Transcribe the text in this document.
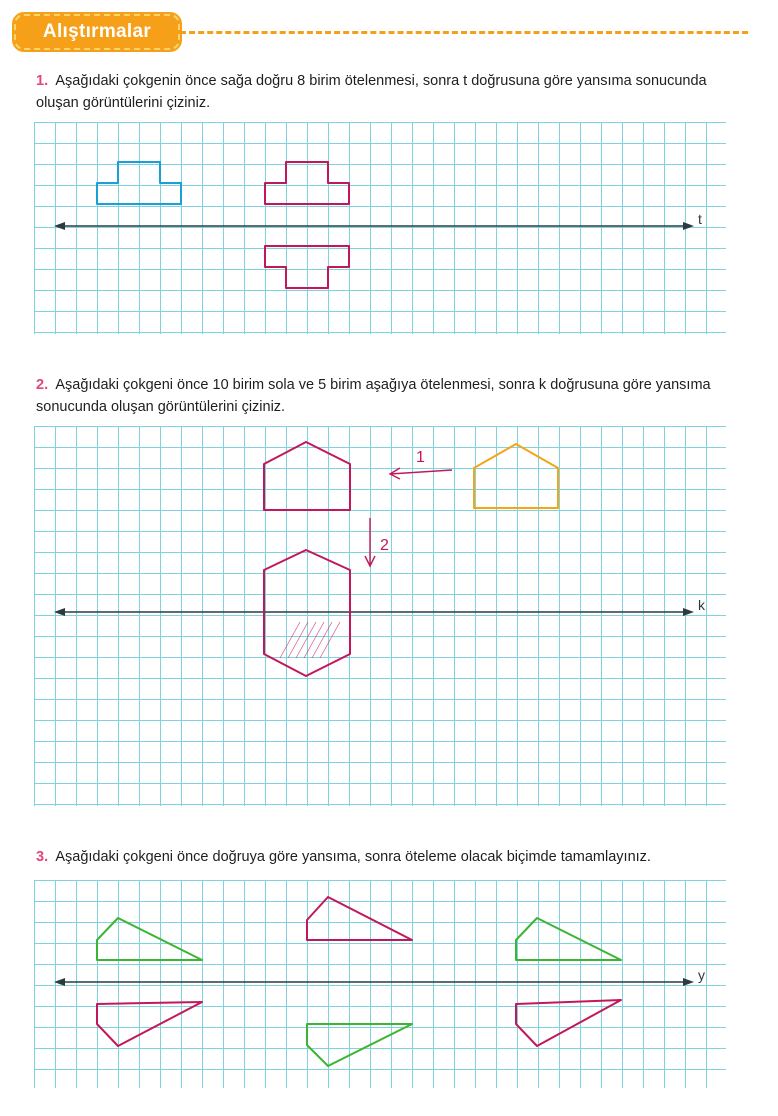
Alıştırmalar
1. Aşağıdaki çokgenin önce sağa doğru 8 birim ötelenmesi, sonra t doğrusuna göre yansıma sonucunda oluşan görüntülerini çiziniz.
t
2. Aşağıdaki çokgeni önce 10 birim sola ve 5 birim aşağıya ötelenmesi, sonra k doğrusuna göre yansıma sonucunda oluşan görüntülerini çiziniz.
k
1
2
3. Aşağıdaki çokgeni önce doğruya göre yansıma, sonra öteleme olacak biçimde tamamlayınız.
y
